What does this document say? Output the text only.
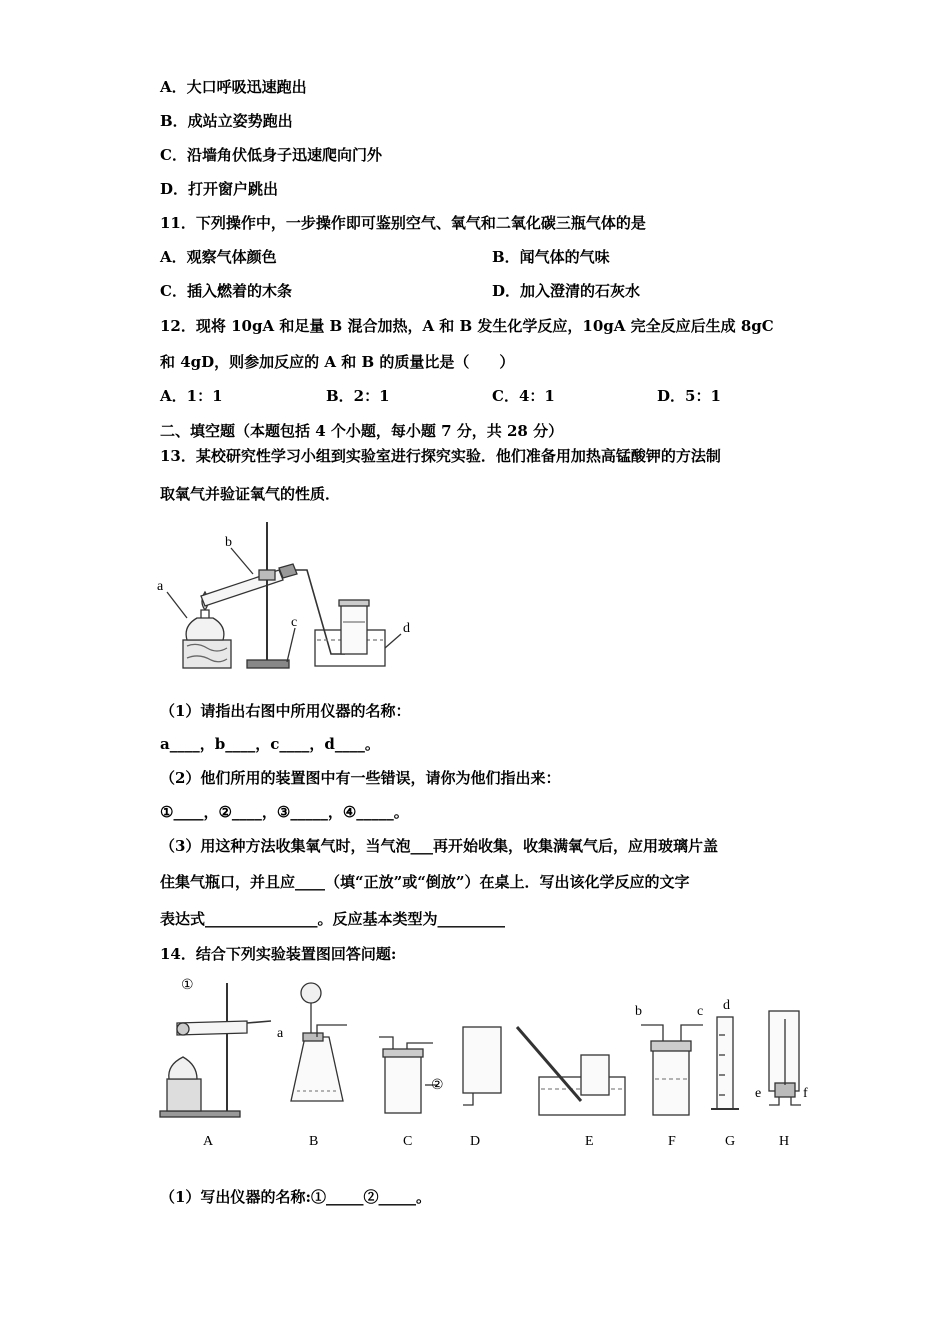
A．大口呼吸迅速跑出
B．成站立姿势跑出
C．沿墙角伏低身子迅速爬向门外
D．打开窗户跳出
11．下列操作中，一步操作即可鉴别空气、氧气和二氧化碳三瓶气体的是
A．观察气体颜色	B．闻气体的气味
C．插入燃着的木条	D．加入澄清的石灰水
12．现将 10gA 和足量 B 混合加热，A 和 B 发生化学反应，10gA 完全反应后生成 8gC
和 4gD，则参加反应的 A 和 B 的质量比是（　　）
A．1：1	B．2：1	C．4：1	D．5：1
二、填空题（本题包括 4 个小题，每小题 7 分，共 28 分）
13．某校研究性学习小组到实验室进行探究实验．他们准备用加热高锰酸钾的方法制
取氧气并验证氧气的性质．
a
b
c	d
（1）请指出右图中所用仪器的名称：
a____，b____，c____，d____。
（2）他们所用的装置图中有一些错误，请你为他们指出来：
①____，②____，③_____，④_____。
（3）用这种方法收集氧气时，当气泡___再开始收集，收集满氧气后，应用玻璃片盖
住集气瓶口，并且应____（填“正放”或“倒放”）在桌上．写出该化学反应的文字
表达式_______________。反应基本类型为_________
14．结合下列实验装置图回答问题:
①
②
a
b	c d
e	f
A	B	C	D	E	F	G	H
（1）写出仪器的名称:①_____②_____。
